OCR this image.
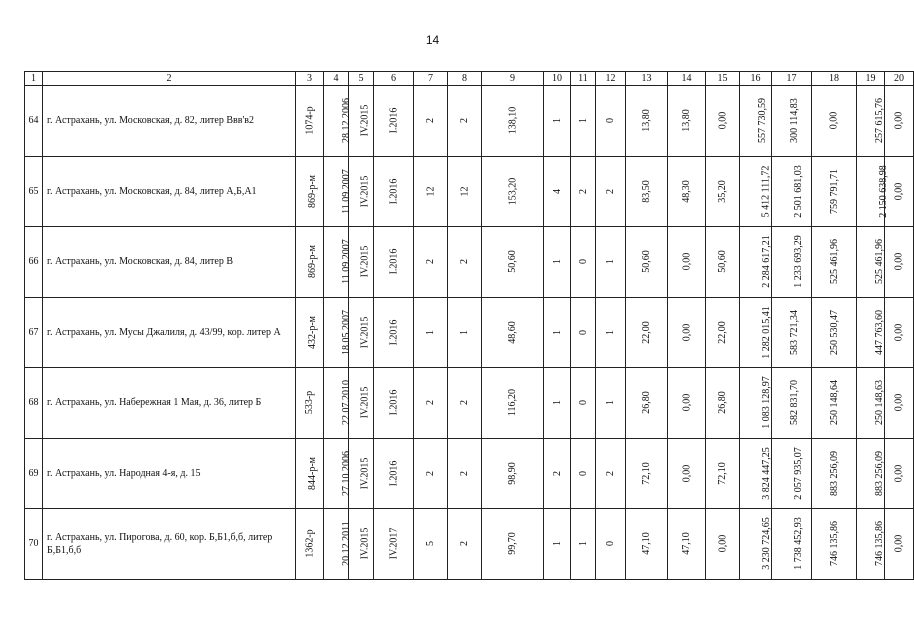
14
1	2	3	4	5	6	7	8	9	10	11	12	13	14	15	16	17	18	19	20
64	г. Астрахань, ул. Московская, д. 82, литер Ввв'в2	1074-р	28.12.2006	IV.2015	I.2016	2	2	138,10	1	1	0	13,80	13,80	0,00	557 730,59	300 114,83	0,00	257 615,76	0,00
65	г. Астрахань, ул. Московская, д. 84, литер А,Б,А1	869-р-м	11.09.2007	IV.2015	I.2016	12	12	153,20	4	2	2	83,50	48,30	35,20	5 412 111,72	2 501 681,03	759 791,71	2 150 638,98	0,00
66	г. Астрахань, ул. Московская, д. 84, литер В	869-р-м	11.09.2007	IV.2015	I.2016	2	2	50,60	1	0	1	50,60	0,00	50,60	2 284 617,21	1 233 693,29	525 461,96	525 461,96	0,00
67	г. Астрахань, ул. Мусы Джалиля, д. 43/99, кор. литер А	432-р-м	18.05.2007	IV.2015	I.2016	1	1	48,60	1	0	1	22,00	0,00	22,00	1 282 015,41	583 721,34	250 530,47	447 763,60	0,00
68	г. Астрахань, ул. Набережная 1 Мая, д. 36, литер Б	533-р	22.07.2010	IV.2015	I.2016	2	2	116,20	1	0	1	26,80	0,00	26,80	1 083 128,97	582 831,70	250 148,64	250 148,63	0,00
69	г. Астрахань, ул. Народная 4-я, д. 15	844-р-м	27.10.2006	IV.2015	I.2016	2	2	98,90	2	0	2	72,10	0,00	72,10	3 824 447,25	2 057 935,07	883 256,09	883 256,09	0,00
70	г. Астрахань, ул. Пирогова, д. 60, кор. Б,Б1,б,б, литер Б,Б1,б,б	1362-р	20.12.2011	IV.2015	IV.2017	5	2	99,70	1	1	0	47,10	47,10	0,00	3 230 724,65	1 738 452,93	746 135,86	746 135,86	0,00
